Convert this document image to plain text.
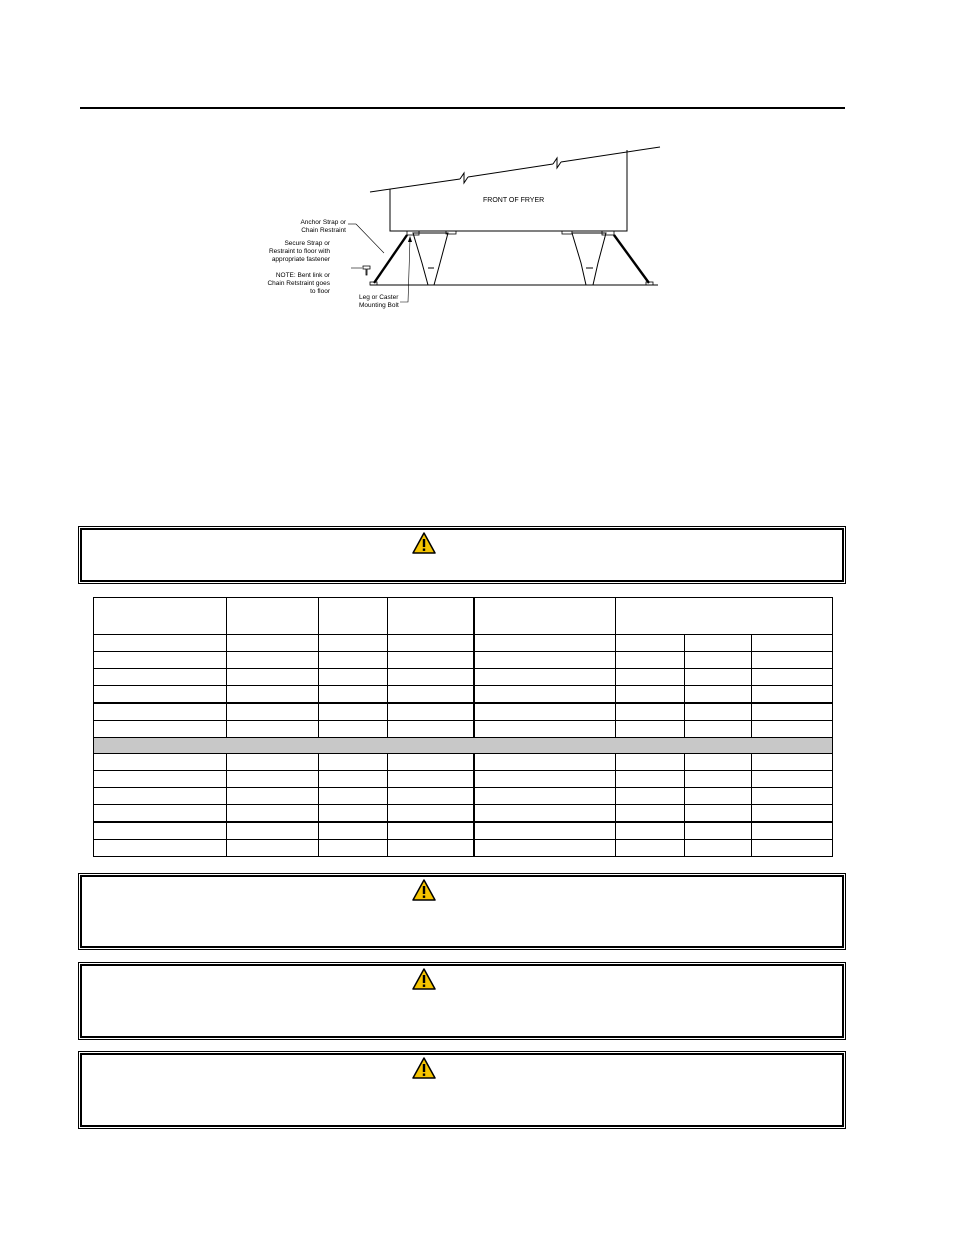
FRONT OF FRYER
Anchor Strap or
Chain Restraint
Secure Strap or
Restraint to floor with
appropriate fastener
NOTE: Bent link or
Chain Retstraint goes
to floor
Leg or Caster
Mounting Bolt
